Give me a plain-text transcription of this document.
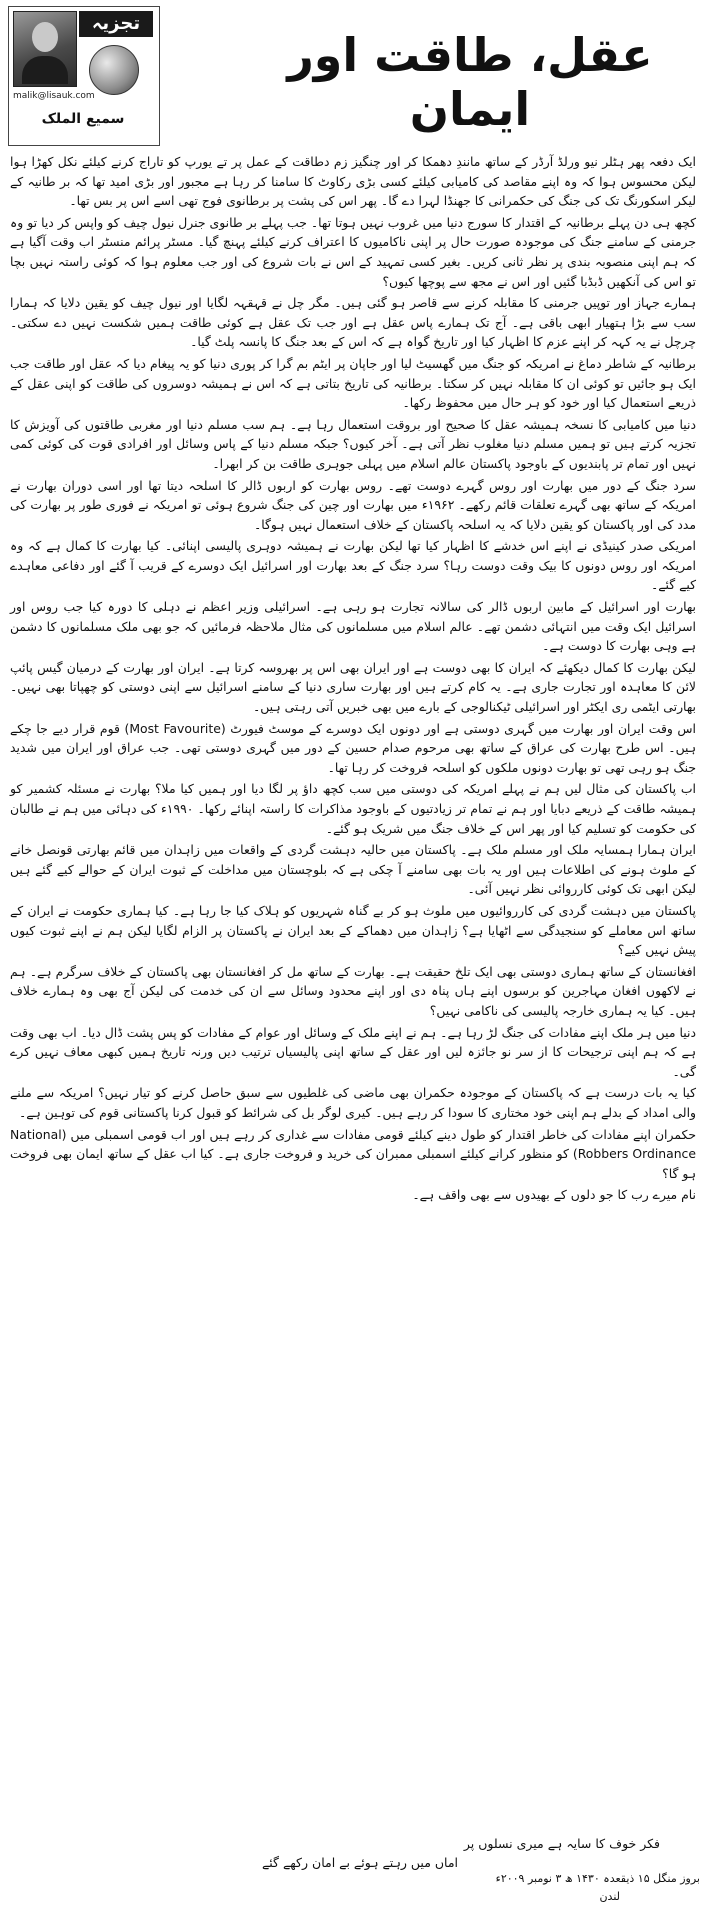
تجزیہ
malik@lisauk.com
سمیع الملک
عقل، طاقت اور ایمان

ایک دفعہ پھر ہٹلر نیو ورلڈ آرڈر کے ساتھ مانندِ دھمکا کر اور چنگیز زم دطاقت کے عمل پر تے یورپ کو تاراج کرنے کیلئے نکل کھڑا ہوا لیکن محسوس ہوا کہ وہ اپنے مقاصد کی کامیابی کیلئے کسی بڑی رکاوٹ کا سامنا کر رہا ہے مجبور اور بڑی امید تھا کہ بر طانیہ کے لیکر اسکورنگ تک کی جنگ کی حکمرانی کا جھنڈا لہرا دے گا۔ پھر اس کی پشت پر برطانوی فوج تھی اسے اس پر بس تھا۔

کچھ ہی دن پہلے برطانیہ کے اقتدار کا سورج دنیا میں غروب نہیں ہوتا تھا۔ جب پہلے بر طانوی جنرل نیول چیف کو واپس کر دیا تو وہ جرمنی کے سامنے جنگ کی موجودہ صورت حال پر اپنی ناکامیوں کا اعتراف کرنے کیلئے پہنچ گیا۔ مسٹر پرائم منسٹر اب وقت آگیا ہے کہ ہم اپنی منصوبہ بندی پر نظر ثانی کریں۔ بغیر کسی تمہید کے اس نے بات شروع کی اور جب معلوم ہوا کہ کوئی راستہ نہیں بچا تو اس کی آنکھیں ڈبڈبا گئیں اور اس نے مجھ سے پوچھا کیوں؟

ہمارے جہاز اور توپیں جرمنی کا مقابلہ کرنے سے قاصر ہو گئی ہیں۔ مگر چل نے قہقہہ لگایا اور نیول چیف کو یقین دلایا کہ ہمارا سب سے بڑا ہتھیار ابھی باقی ہے۔ آج تک ہمارے پاس عقل ہے اور جب تک عقل ہے کوئی طاقت ہمیں شکست نہیں دے سکتی۔ چرچل نے یہ کہہ کر اپنے عزم کا اظہار کیا اور تاریخ گواہ ہے کہ اس کے بعد جنگ کا پانسہ پلٹ گیا۔

برطانیہ کے شاطر دماغ نے امریکہ کو جنگ میں گھسیٹ لیا اور جاپان پر ایٹم بم گرا کر پوری دنیا کو یہ پیغام دیا کہ عقل اور طاقت جب ایک ہو جائیں تو کوئی ان کا مقابلہ نہیں کر سکتا۔ برطانیہ کی تاریخ بتاتی ہے کہ اس نے ہمیشہ دوسروں کی طاقت کو اپنی عقل کے ذریعے استعمال کیا اور خود کو ہر حال میں محفوظ رکھا۔

دنیا میں کامیابی کا نسخہ ہمیشہ عقل کا صحیح اور بروقت استعمال رہا ہے۔ ہم سب مسلم دنیا اور مغربی طاقتوں کی آویزش کا تجزیہ کرتے ہیں تو ہمیں مسلم دنیا مغلوب نظر آتی ہے۔ آخر کیوں؟ جبکہ مسلم دنیا کے پاس وسائل اور افرادی قوت کی کوئی کمی نہیں اور تمام تر پابندیوں کے باوجود پاکستان عالم اسلام میں پہلی جوہری طاقت بن کر ابھرا۔

سرد جنگ کے دور میں بھارت اور روس گہرے دوست تھے۔ روس بھارت کو اربوں ڈالر کا اسلحہ دیتا تھا اور اسی دوران بھارت نے امریکہ کے ساتھ بھی گہرے تعلقات قائم رکھے۔ ۱۹۶۲ء میں بھارت اور چین کی جنگ شروع ہوئی تو امریکہ نے فوری طور پر بھارت کی مدد کی اور پاکستان کو یقین دلایا کہ یہ اسلحہ پاکستان کے خلاف استعمال نہیں ہوگا۔

امریکی صدر کینیڈی نے اپنے اس خدشے کا اظہار کیا تھا لیکن بھارت نے ہمیشہ دوہری پالیسی اپنائی۔ کیا بھارت کا کمال ہے کہ وہ امریکہ اور روس دونوں کا بیک وقت دوست رہا؟ سرد جنگ کے بعد بھارت اور اسرائیل ایک دوسرے کے قریب آ گئے اور دفاعی معاہدے کیے گئے۔

بھارت اور اسرائیل کے مابین اربوں ڈالر کی سالانہ تجارت ہو رہی ہے۔ اسرائیلی وزیر اعظم نے دہلی کا دورہ کیا جب روس اور اسرائیل ایک وقت میں انتہائی دشمن تھے۔ عالم اسلام میں مسلمانوں کی مثال ملاحظہ فرمائیں کہ جو بھی ملک مسلمانوں کا دشمن ہے وہی بھارت کا دوست ہے۔

لیکن بھارت کا کمال دیکھئے کہ ایران کا بھی دوست ہے اور ایران بھی اس پر بھروسہ کرتا ہے۔ ایران اور بھارت کے درمیان گیس پائپ لائن کا معاہدہ اور تجارت جاری ہے۔ یہ کام کرتے ہیں اور بھارت ساری دنیا کے سامنے اسرائیل سے اپنی دوستی کو چھپاتا بھی نہیں۔ بھارتی ایٹمی ری ایکٹر اور اسرائیلی ٹیکنالوجی کے بارے میں بھی خبریں آتی رہتی ہیں۔

اس وقت ایران اور بھارت میں گہری دوستی ہے اور دونوں ایک دوسرے کے موسٹ فیورٹ (Most Favourite) قوم قرار دیے جا چکے ہیں۔ اس طرح بھارت کی عراق کے ساتھ بھی مرحوم صدام حسین کے دور میں گہری دوستی تھی۔ جب عراق اور ایران میں شدید جنگ ہو رہی تھی تو بھارت دونوں ملکوں کو اسلحہ فروخت کر رہا تھا۔

اب پاکستان کی مثال لیں ہم نے پہلے امریکہ کی دوستی میں سب کچھ داؤ پر لگا دیا اور ہمیں کیا ملا؟ بھارت نے مسئلہ کشمیر کو ہمیشہ طاقت کے ذریعے دبایا اور ہم نے تمام تر زیادتیوں کے باوجود مذاکرات کا راستہ اپنائے رکھا۔ ۱۹۹۰ء کی دہائی میں ہم نے طالبان کی حکومت کو تسلیم کیا اور پھر اس کے خلاف جنگ میں شریک ہو گئے۔

ایران ہمارا ہمسایہ ملک اور مسلم ملک ہے۔ پاکستان میں حالیہ دہشت گردی کے واقعات میں زاہدان میں قائم بھارتی قونصل خانے کے ملوث ہونے کی اطلاعات ہیں اور یہ بات بھی سامنے آ چکی ہے کہ بلوچستان میں مداخلت کے ثبوت ایران کے حوالے کیے گئے ہیں لیکن ابھی تک کوئی کارروائی نظر نہیں آئی۔

پاکستان میں دہشت گردی کی کارروائیوں میں ملوث ہو کر بے گناہ شہریوں کو ہلاک کیا جا رہا ہے۔ کیا ہماری حکومت نے ایران کے ساتھ اس معاملے کو سنجیدگی سے اٹھایا ہے؟ زاہدان میں دھماکے کے بعد ایران نے پاکستان پر الزام لگایا لیکن ہم نے اپنے ثبوت کیوں پیش نہیں کیے؟

افغانستان کے ساتھ ہماری دوستی بھی ایک تلخ حقیقت ہے۔ بھارت کے ساتھ مل کر افغانستان بھی پاکستان کے خلاف سرگرم ہے۔ ہم نے لاکھوں افغان مہاجرین کو برسوں اپنے ہاں پناہ دی اور اپنے محدود وسائل سے ان کی خدمت کی لیکن آج بھی وہ ہمارے خلاف ہیں۔ کیا یہ ہماری خارجہ پالیسی کی ناکامی نہیں؟

دنیا میں ہر ملک اپنے مفادات کی جنگ لڑ رہا ہے۔ ہم نے اپنے ملک کے وسائل اور عوام کے مفادات کو پس پشت ڈال دیا۔ اب بھی وقت ہے کہ ہم اپنی ترجیحات کا از سر نو جائزہ لیں اور عقل کے ساتھ اپنی پالیسیاں ترتیب دیں ورنہ تاریخ ہمیں کبھی معاف نہیں کرے گی۔

کیا یہ بات درست ہے کہ پاکستان کے موجودہ حکمران بھی ماضی کی غلطیوں سے سبق حاصل کرنے کو تیار نہیں؟ امریکہ سے ملنے والی امداد کے بدلے ہم اپنی خود مختاری کا سودا کر رہے ہیں۔ کیری لوگر بل کی شرائط کو قبول کرنا پاکستانی قوم کی توہین ہے۔

حکمران اپنے مفادات کی خاطر اقتدار کو طول دینے کیلئے قومی مفادات سے غداری کر رہے ہیں اور اب قومی اسمبلی میں (National Robbers Ordinance) کو منظور کرانے کیلئے اسمبلی ممبران کی خرید و فروخت جاری ہے۔ کیا اب عقل کے ساتھ ایمان بھی فروخت ہو گا؟

نام میرے رب کا جو دلوں کے بھیدوں سے بھی واقف ہے۔

فکر خوف کا سایہ ہے میری نسلوں پر
اماں میں رہتے ہوئے بے امان رکھے گئے
بروز منگل ۱۵ ذیقعدہ ۱۴۳۰ ھ ۳ نومبر ۲۰۰۹ء
لندن
